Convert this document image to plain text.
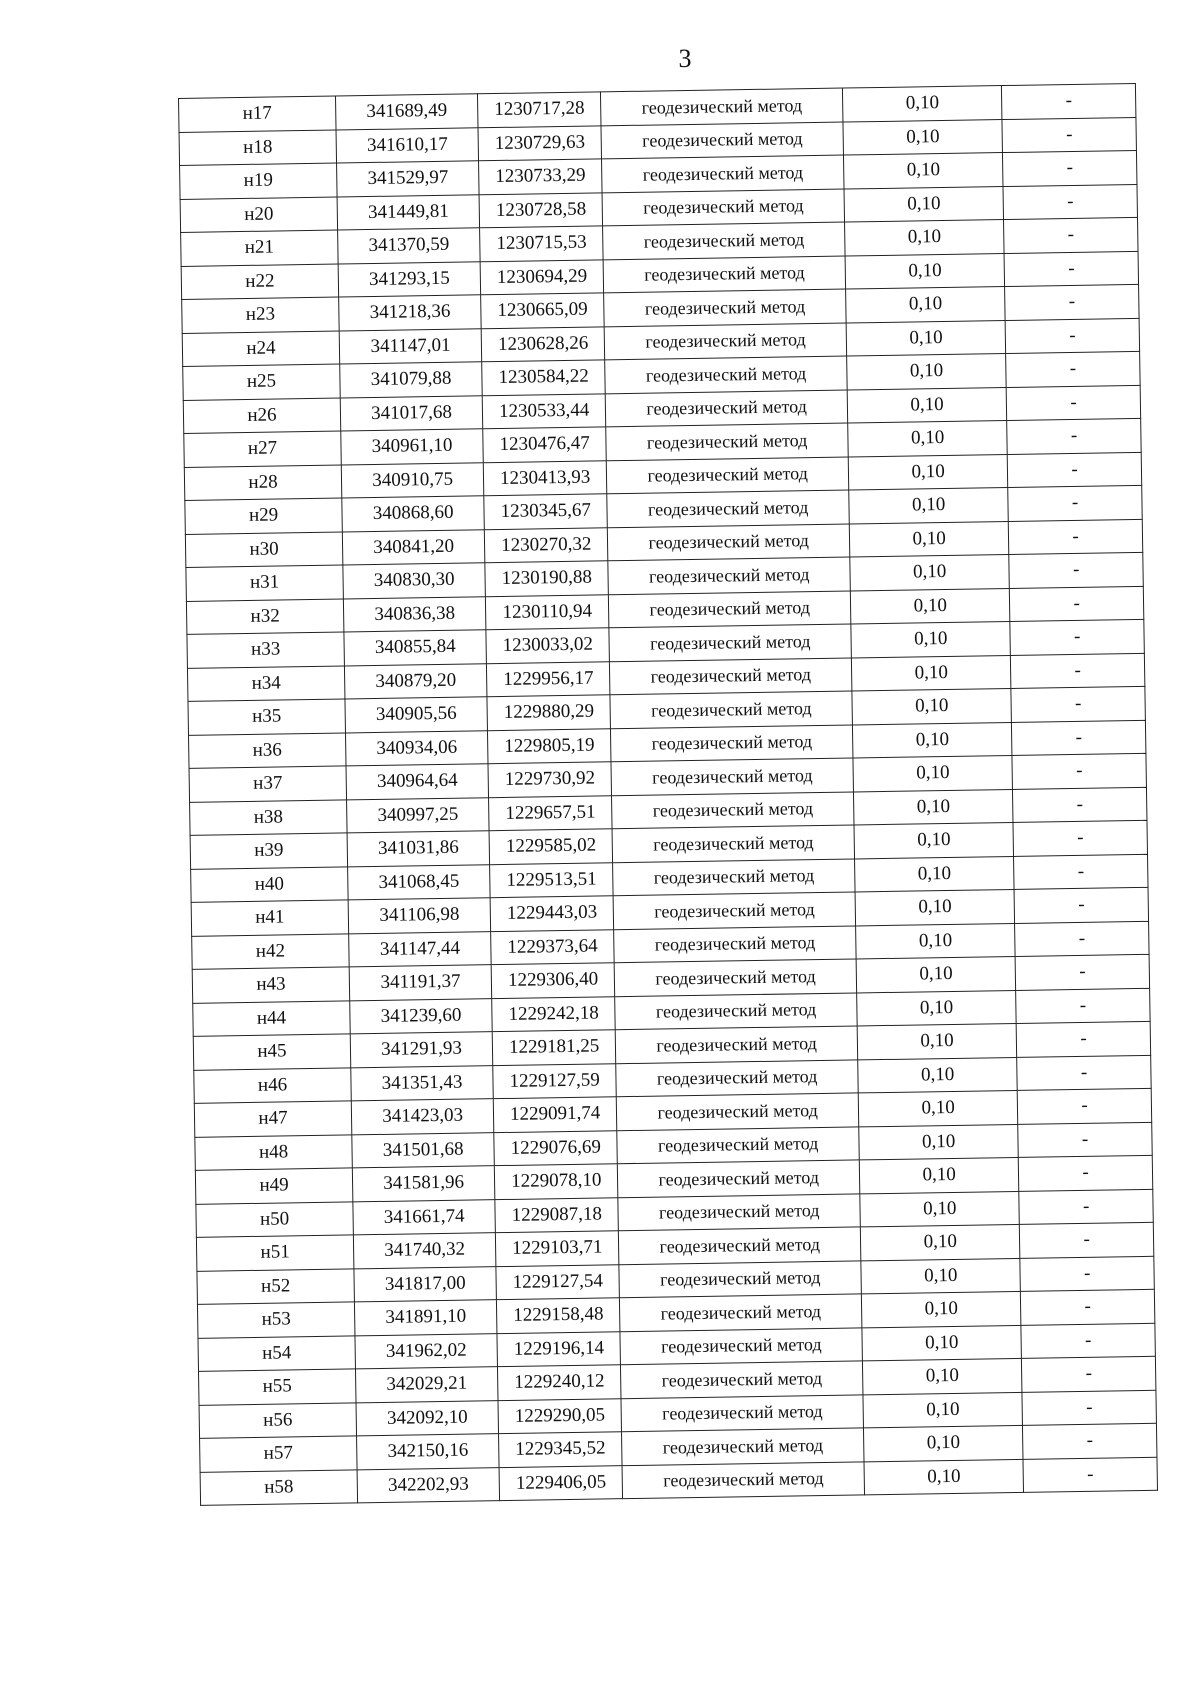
3
н17	341689,49	1230717,28	геодезический метод	0,10	-
н18	341610,17	1230729,63	геодезический метод	0,10	-
н19	341529,97	1230733,29	геодезический метод	0,10	-
н20	341449,81	1230728,58	геодезический метод	0,10	-
н21	341370,59	1230715,53	геодезический метод	0,10	-
н22	341293,15	1230694,29	геодезический метод	0,10	-
н23	341218,36	1230665,09	геодезический метод	0,10	-
н24	341147,01	1230628,26	геодезический метод	0,10	-
н25	341079,88	1230584,22	геодезический метод	0,10	-
н26	341017,68	1230533,44	геодезический метод	0,10	-
н27	340961,10	1230476,47	геодезический метод	0,10	-
н28	340910,75	1230413,93	геодезический метод	0,10	-
н29	340868,60	1230345,67	геодезический метод	0,10	-
н30	340841,20	1230270,32	геодезический метод	0,10	-
н31	340830,30	1230190,88	геодезический метод	0,10	-
н32	340836,38	1230110,94	геодезический метод	0,10	-
н33	340855,84	1230033,02	геодезический метод	0,10	-
н34	340879,20	1229956,17	геодезический метод	0,10	-
н35	340905,56	1229880,29	геодезический метод	0,10	-
н36	340934,06	1229805,19	геодезический метод	0,10	-
н37	340964,64	1229730,92	геодезический метод	0,10	-
н38	340997,25	1229657,51	геодезический метод	0,10	-
н39	341031,86	1229585,02	геодезический метод	0,10	-
н40	341068,45	1229513,51	геодезический метод	0,10	-
н41	341106,98	1229443,03	геодезический метод	0,10	-
н42	341147,44	1229373,64	геодезический метод	0,10	-
н43	341191,37	1229306,40	геодезический метод	0,10	-
н44	341239,60	1229242,18	геодезический метод	0,10	-
н45	341291,93	1229181,25	геодезический метод	0,10	-
н46	341351,43	1229127,59	геодезический метод	0,10	-
н47	341423,03	1229091,74	геодезический метод	0,10	-
н48	341501,68	1229076,69	геодезический метод	0,10	-
н49	341581,96	1229078,10	геодезический метод	0,10	-
н50	341661,74	1229087,18	геодезический метод	0,10	-
н51	341740,32	1229103,71	геодезический метод	0,10	-
н52	341817,00	1229127,54	геодезический метод	0,10	-
н53	341891,10	1229158,48	геодезический метод	0,10	-
н54	341962,02	1229196,14	геодезический метод	0,10	-
н55	342029,21	1229240,12	геодезический метод	0,10	-
н56	342092,10	1229290,05	геодезический метод	0,10	-
н57	342150,16	1229345,52	геодезический метод	0,10	-
н58	342202,93	1229406,05	геодезический метод	0,10	-
